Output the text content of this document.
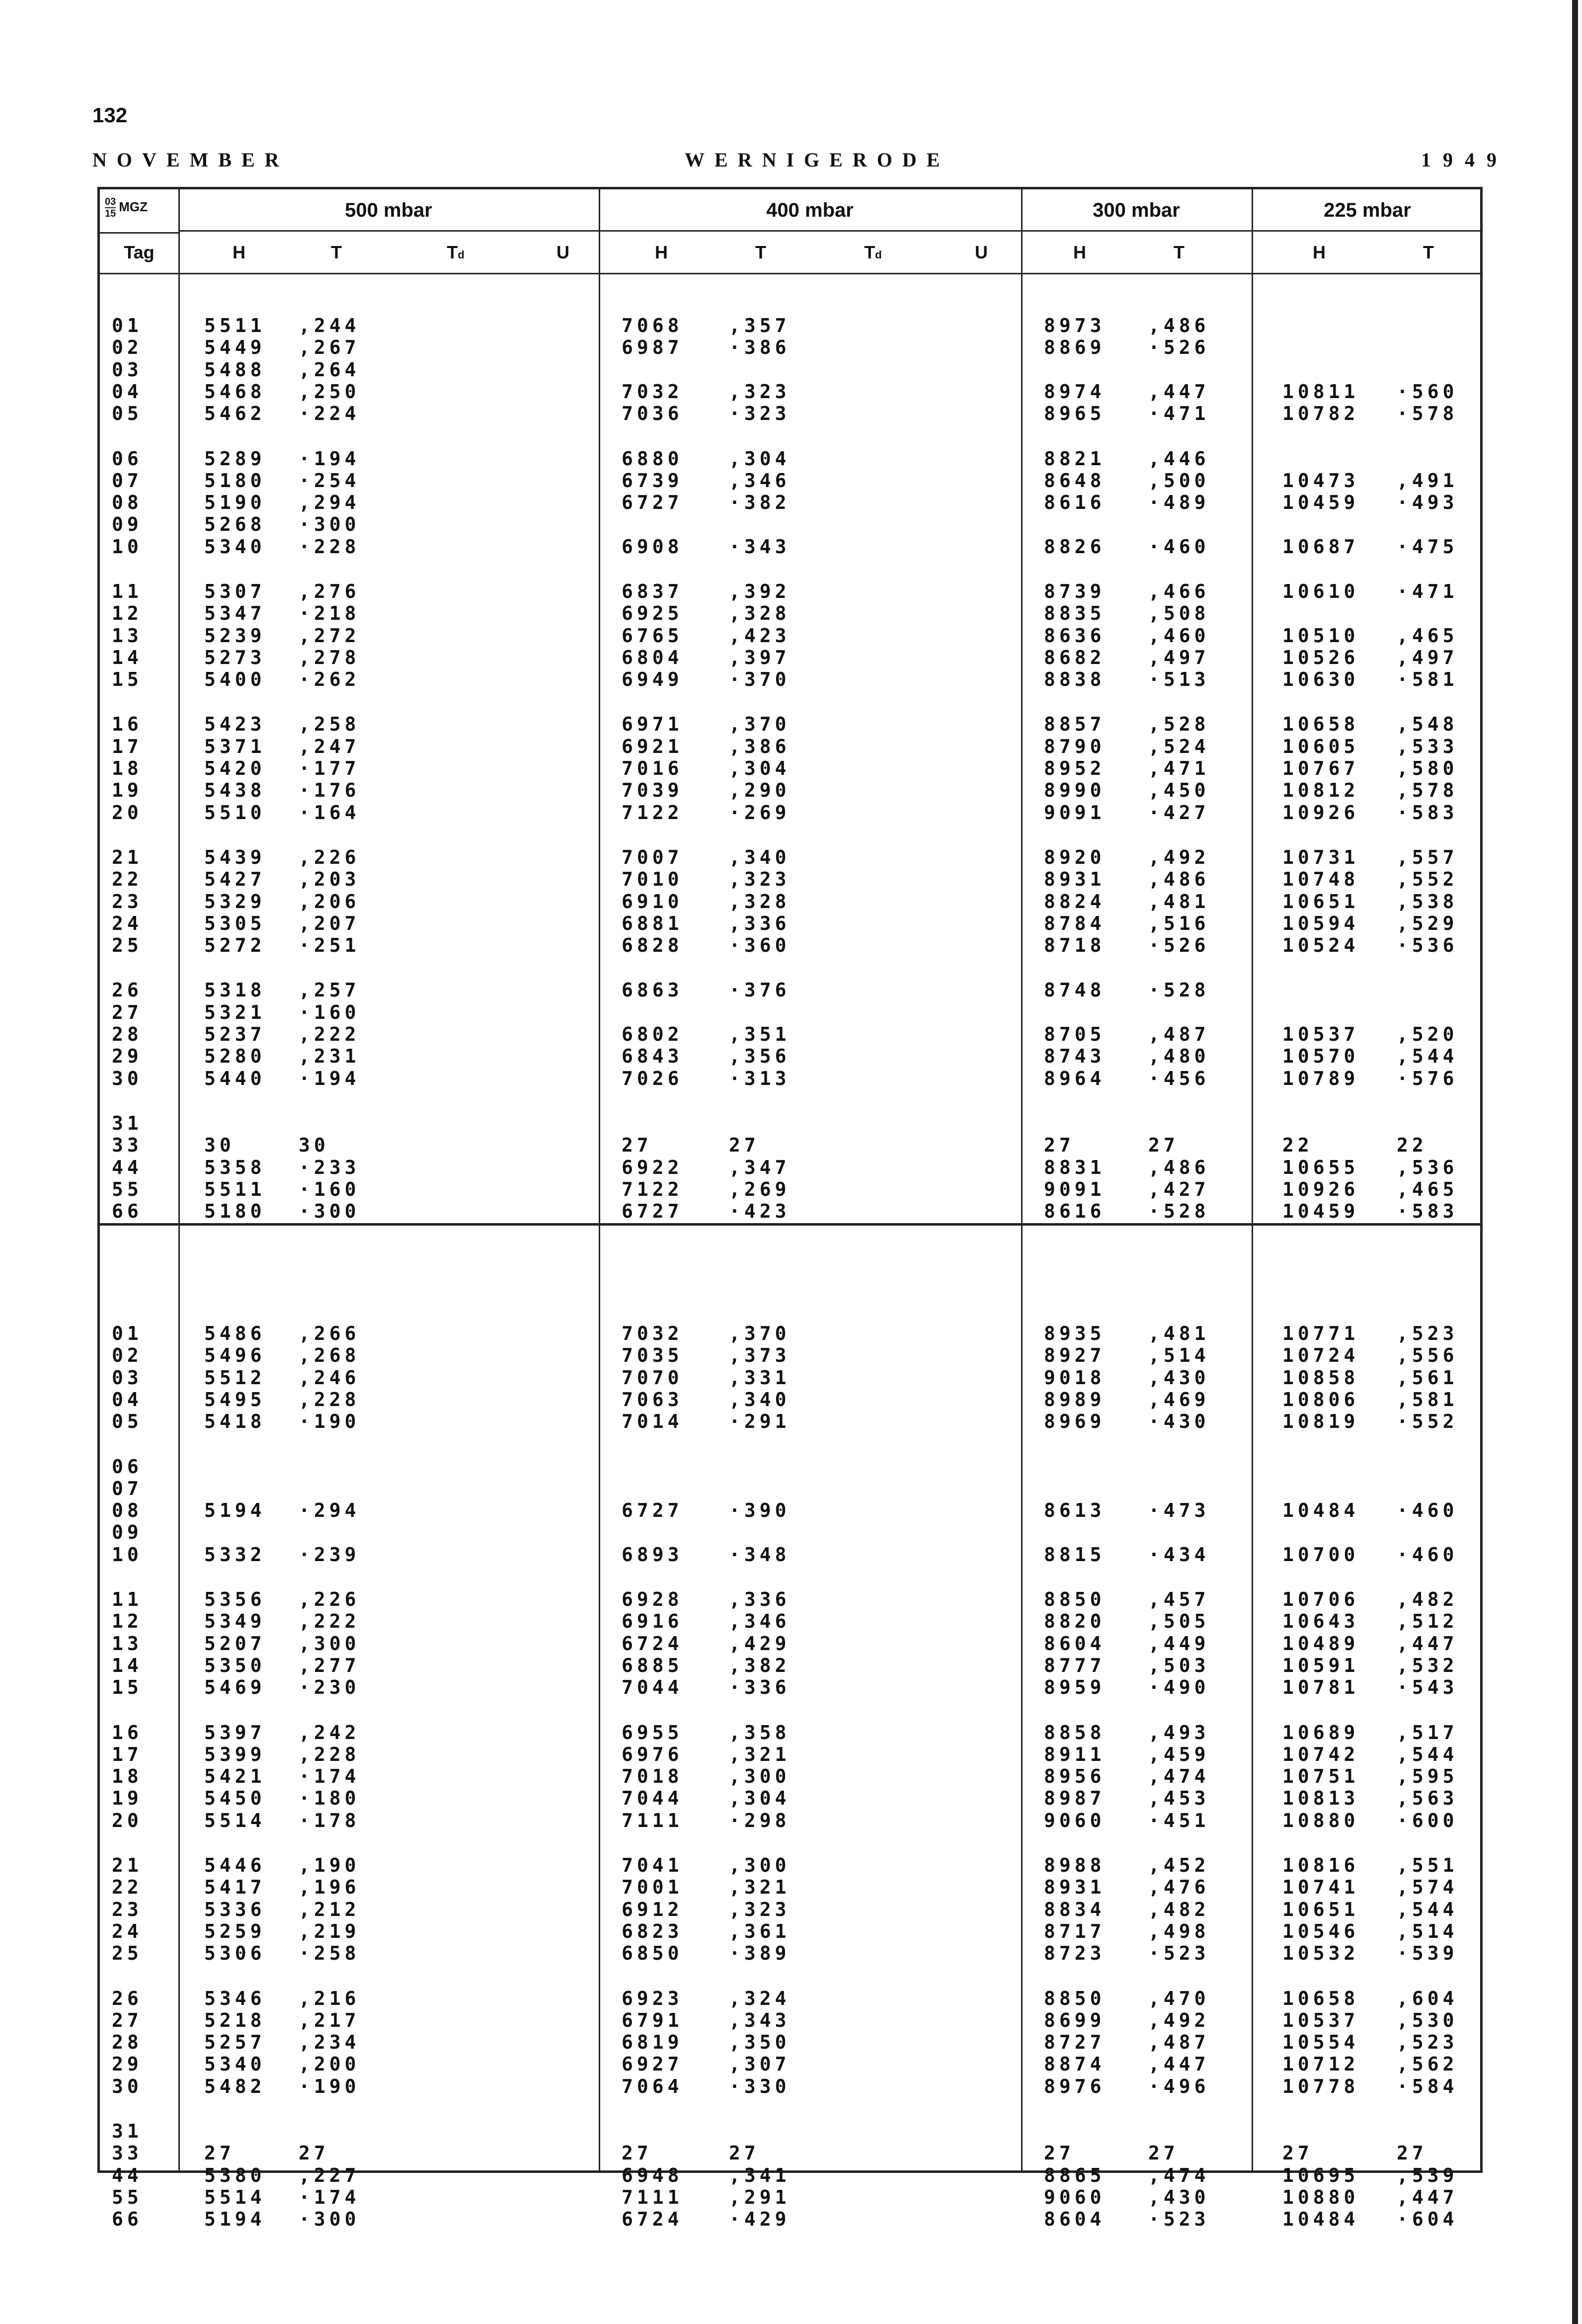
132
NOVEMBER	WERNIGERODE	1949
$\frac{03}{15}$ MGZ
Tag
500 mbar	400 mbar	300 mbar	225 mbar
H	T	Td	U	H	T	Td	U	H	T	H	T
01	5511 ,244	7068 ,357	8973 ,486
02	5449 ,267	6987 ·386	8869 ·526
03	5488 ,264
04	5468 ,250	7032 ,323	8974 ,447	10811 ·560
05	5462 ·224	7036 ·323	8965 ·471	10782 ·578
06	5289 ·194	6880 ,304	8821 ,446
07	5180 ·254	6739 ,346	8648 ,500	10473 ,491
08	5190 ,294	6727 ·382	8616 ·489	10459 ·493
09	5268 ·300
10	5340 ·228	6908 ·343	8826 ·460	10687 ·475
11	5307 ,276	6837 ,392	8739 ,466	10610 ·471
12	5347 ·218	6925 ,328	8835 ,508
13	5239 ,272	6765 ,423	8636 ,460	10510 ,465
14	5273 ,278	6804 ,397	8682 ,497	10526 ,497
15	5400 ·262	6949 ·370	8838 ·513	10630 ·581
16	5423 ,258	6971 ,370	8857 ,528	10658 ,548
17	5371 ,247	6921 ,386	8790 ,524	10605 ,533
18	5420 ·177	7016 ,304	8952 ,471	10767 ,580
19	5438 ·176	7039 ,290	8990 ,450	10812 ,578
20	5510 ·164	7122 ·269	9091 ·427	10926 ·583
21	5439 ,226	7007 ,340	8920 ,492	10731 ,557
22	5427 ,203	7010 ,323	8931 ,486	10748 ,552
23	5329 ,206	6910 ,328	8824 ,481	10651 ,538
24	5305 ,207	6881 ,336	8784 ,516	10594 ,529
25	5272 ·251	6828 ·360	8718 ·526	10524 ·536
26	5318 ,257	6863 ·376	8748 ·528
27	5321 ·160
28	5237 ,222	6802 ,351	8705 ,487	10537 ,520
29	5280 ,231	6843 ,356	8743 ,480	10570 ,544
30	5440 ·194	7026 ·313	8964 ·456	10789 ·576
31
33	30	30	27	27	27	27	22	22
44	5358 ·233	6922 ,347	8831 ,486	10655 ,536
55	5511 ·160	7122 ,269	9091 ,427	10926 ,465
66	5180 ·300	6727 ·423	8616 ·528	10459 ·583
01	5486 ,266	7032 ,370	8935 ,481	10771 ,523
02	5496 ,268	7035 ,373	8927 ,514	10724 ,556
03	5512 ,246	7070 ,331	9018 ,430	10858 ,561
04	5495 ,228	7063 ,340	8989 ,469	10806 ,581
05	5418 ·190	7014 ·291	8969 ·430	10819 ·552
06
07
08	5194 ·294	6727 ·390	8613 ·473	10484 ·460
09
10	5332 ·239	6893 ·348	8815 ·434	10700 ·460
11	5356 ,226	6928 ,336	8850 ,457	10706 ,482
12	5349 ,222	6916 ,346	8820 ,505	10643 ,512
13	5207 ,300	6724 ,429	8604 ,449	10489 ,447
14	5350 ,277	6885 ,382	8777 ,503	10591 ,532
15	5469 ·230	7044 ·336	8959 ·490	10781 ·543
16	5397 ,242	6955 ,358	8858 ,493	10689 ,517
17	5399 ,228	6976 ,321	8911 ,459	10742 ,544
18	5421 ·174	7018 ,300	8956 ,474	10751 ,595
19	5450 ·180	7044 ,304	8987 ,453	10813 ,563
20	5514 ·178	7111 ·298	9060 ·451	10880 ·600
21	5446 ,190	7041 ,300	8988 ,452	10816 ,551
22	5417 ,196	7001 ,321	8931 ,476	10741 ,574
23	5336 ,212	6912 ,323	8834 ,482	10651 ,544
24	5259 ,219	6823 ,361	8717 ,498	10546 ,514
25	5306 ·258	6850 ·389	8723 ·523	10532 ·539
26	5346 ,216	6923 ,324	8850 ,470	10658 ,604
27	5218 ,217	6791 ,343	8699 ,492	10537 ,530
28	5257 ,234	6819 ,350	8727 ,487	10554 ,523
29	5340 ,200	6927 ,307	8874 ,447	10712 ,562
30	5482 ·190	7064 ·330	8976 ·496	10778 ·584
31
33	27	27	27	27	27	27	27	27
44	5380 ,227	6948 ,341	8865 ,474	10695 ,539
55	5514 ·174	7111 ,291	9060 ,430	10880 ,447
66	5194 ·300	6724 ·429	8604 ·523	10484 ·604
